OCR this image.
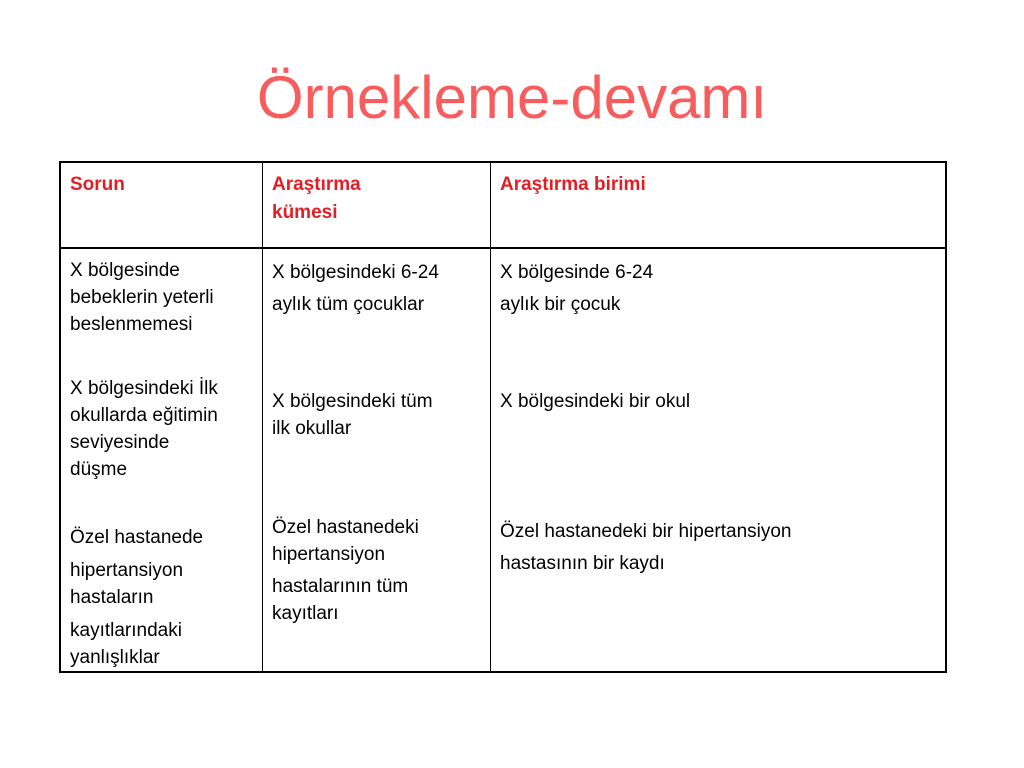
Örnekleme-devamı
Sorun	Araştırma
kümesi
Araştırma birimi
X bölgesinde
bebeklerin yeterli
beslenmemesi
X bölgesindeki İlk
okullarda eğitimin
seviyesinde
düşme
Özel hastanede
hipertansiyon
hastaların
kayıtlarındaki
yanlışlıklar
X bölgesindeki 6-24
aylık tüm çocuklar
X bölgesindeki tüm
ilk okullar
Özel hastanedeki
hipertansiyon
hastalarının tüm
kayıtları
X bölgesinde 6-24
aylık bir çocuk
X bölgesindeki bir okul
Özel hastanedeki bir hipertansiyon
hastasının bir kaydı
